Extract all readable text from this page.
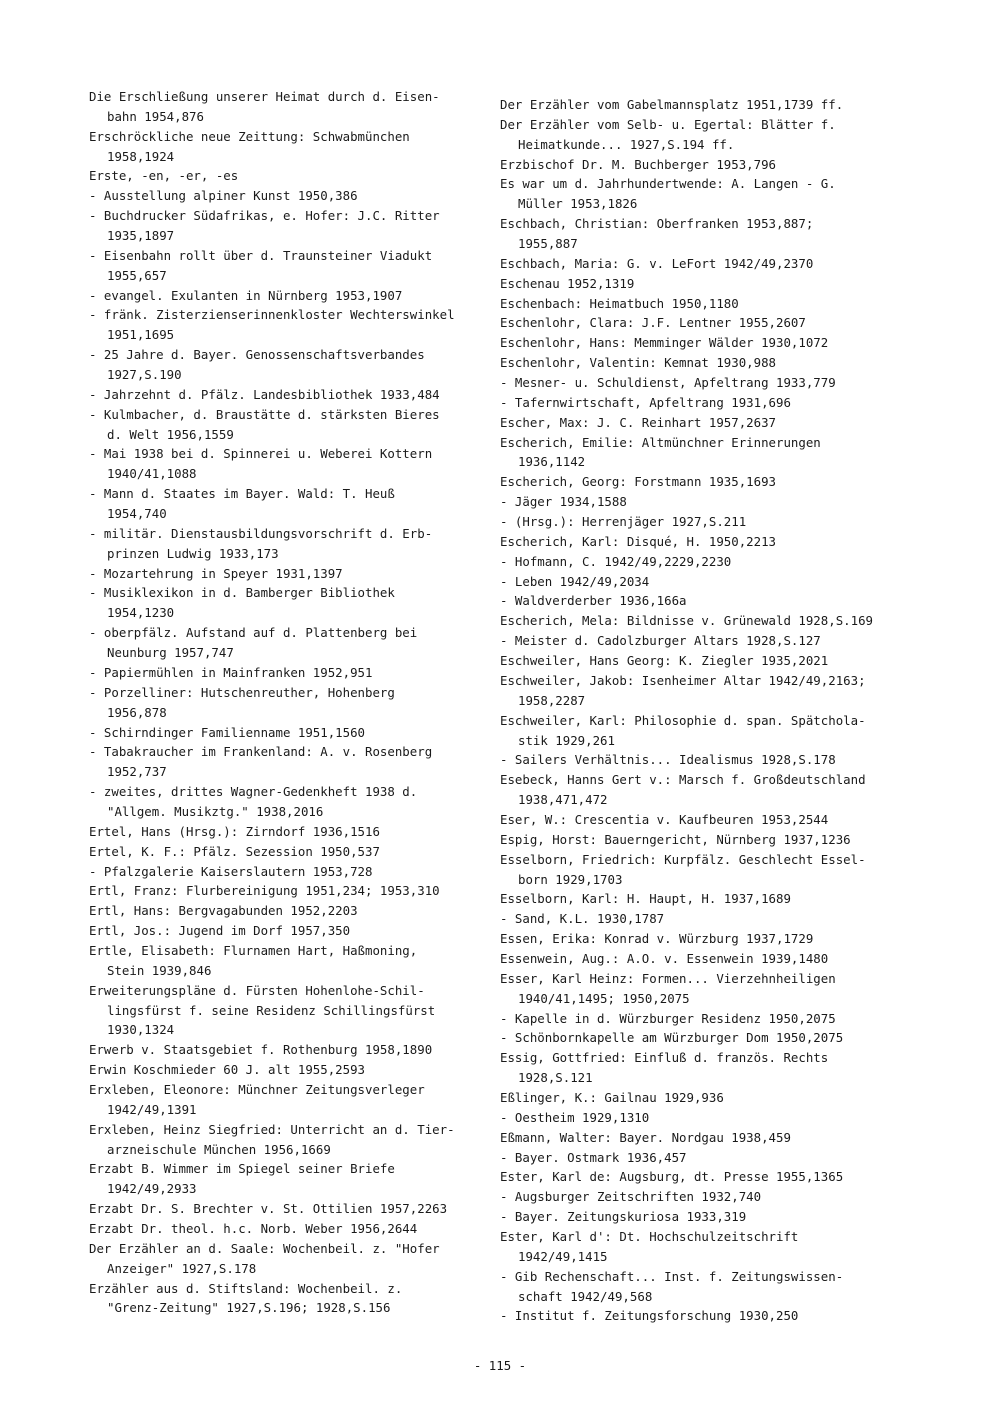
Die Erschließung unserer Heimat durch d. Eisen-
bahn 1954,876
Erschröckliche neue Zeittung: Schwabmünchen
1958,1924
Erste, -en, -er, -es
- Ausstellung alpiner Kunst 1950,386
- Buchdrucker Südafrikas, e. Hofer: J.C. Ritter
1935,1897
- Eisenbahn rollt über d. Traunsteiner Viadukt
1955,657
- evangel. Exulanten in Nürnberg 1953,1907
- fränk. Zisterzienserinnenkloster Wechterswinkel
1951,1695
- 25 Jahre d. Bayer. Genossenschaftsverbandes
1927,S.190
- Jahrzehnt d. Pfälz. Landesbibliothek 1933,484
- Kulmbacher, d. Braustätte d. stärksten Bieres
d. Welt 1956,1559
- Mai 1938 bei d. Spinnerei u. Weberei Kottern
1940/41,1088
- Mann d. Staates im Bayer. Wald: T. Heuß
1954,740
- militär. Dienstausbildungsvorschrift d. Erb-
prinzen Ludwig 1933,173
- Mozartehrung in Speyer 1931,1397
- Musiklexikon in d. Bamberger Bibliothek
1954,1230
- oberpfälz. Aufstand auf d. Plattenberg bei
Neunburg 1957,747
- Papiermühlen in Mainfranken 1952,951
- Porzelliner: Hutschenreuther, Hohenberg
1956,878
- Schirndinger Familienname 1951,1560
- Tabakraucher im Frankenland: A. v. Rosenberg
1952,737
- zweites, drittes Wagner-Gedenkheft 1938 d.
"Allgem. Musikztg." 1938,2016
Ertel, Hans (Hrsg.): Zirndorf 1936,1516
Ertel, K. F.: Pfälz. Sezession 1950,537
- Pfalzgalerie Kaiserslautern 1953,728
Ertl, Franz: Flurbereinigung 1951,234; 1953,310
Ertl, Hans: Bergvagabunden 1952,2203
Ertl, Jos.: Jugend im Dorf 1957,350
Ertle, Elisabeth: Flurnamen Hart, Haßmoning,
Stein 1939,846
Erweiterungspläne d. Fürsten Hohenlohe-Schil-
lingsfürst f. seine Residenz Schillingsfürst
1930,1324
Erwerb v. Staatsgebiet f. Rothenburg 1958,1890
Erwin Koschmieder 60 J. alt 1955,2593
Erxleben, Eleonore: Münchner Zeitungsverleger
1942/49,1391
Erxleben, Heinz Siegfried: Unterricht an d. Tier-
arzneischule München 1956,1669
Erzabt B. Wimmer im Spiegel seiner Briefe
1942/49,2933
Erzabt Dr. S. Brechter v. St. Ottilien 1957,2263
Erzabt Dr. theol. h.c. Norb. Weber 1956,2644
Der Erzähler an d. Saale: Wochenbeil. z. "Hofer
Anzeiger" 1927,S.178
Erzähler aus d. Stiftsland: Wochenbeil. z.
"Grenz-Zeitung" 1927,S.196; 1928,S.156
Der Erzähler vom Gabelmannsplatz 1951,1739 ff.
Der Erzähler vom Selb- u. Egertal: Blätter f.
Heimatkunde... 1927,S.194 ff.
Erzbischof Dr. M. Buchberger 1953,796
Es war um d. Jahrhundertwende: A. Langen - G.
Müller 1953,1826
Eschbach, Christian: Oberfranken 1953,887;
1955,887
Eschbach, Maria: G. v. LeFort 1942/49,2370
Eschenau 1952,1319
Eschenbach: Heimatbuch 1950,1180
Eschenlohr, Clara: J.F. Lentner 1955,2607
Eschenlohr, Hans: Memminger Wälder 1930,1072
Eschenlohr, Valentin: Kemnat 1930,988
- Mesner- u. Schuldienst, Apfeltrang 1933,779
- Tafernwirtschaft, Apfeltrang 1931,696
Escher, Max: J. C. Reinhart 1957,2637
Escherich, Emilie: Altmünchner Erinnerungen
1936,1142
Escherich, Georg: Forstmann 1935,1693
- Jäger 1934,1588
- (Hrsg.): Herrenjäger 1927,S.211
Escherich, Karl: Disqué, H. 1950,2213
- Hofmann, C. 1942/49,2229,2230
- Leben 1942/49,2034
- Waldverderber 1936,166a
Escherich, Mela: Bildnisse v. Grünewald 1928,S.169
- Meister d. Cadolzburger Altars 1928,S.127
Eschweiler, Hans Georg: K. Ziegler 1935,2021
Eschweiler, Jakob: Isenheimer Altar 1942/49,2163;
1958,2287
Eschweiler, Karl: Philosophie d. span. Spätchola-
stik 1929,261
- Sailers Verhältnis... Idealismus 1928,S.178
Esebeck, Hanns Gert v.: Marsch f. Großdeutschland
1938,471,472
Eser, W.: Crescentia v. Kaufbeuren 1953,2544
Espig, Horst: Bauerngericht, Nürnberg 1937,1236
Esselborn, Friedrich: Kurpfälz. Geschlecht Essel-
born 1929,1703
Esselborn, Karl: H. Haupt, H. 1937,1689
- Sand, K.L. 1930,1787
Essen, Erika: Konrad v. Würzburg 1937,1729
Essenwein, Aug.: A.O. v. Essenwein 1939,1480
Esser, Karl Heinz: Formen... Vierzehnheiligen
1940/41,1495; 1950,2075
- Kapelle in d. Würzburger Residenz 1950,2075
- Schönbornkapelle am Würzburger Dom 1950,2075
Essig, Gottfried: Einfluß d. französ. Rechts
1928,S.121
Eßlinger, K.: Gailnau 1929,936
- Oestheim 1929,1310
Eßmann, Walter: Bayer. Nordgau 1938,459
- Bayer. Ostmark 1936,457
Ester, Karl de: Augsburg, dt. Presse 1955,1365
- Augsburger Zeitschriften 1932,740
- Bayer. Zeitungskuriosa 1933,319
Ester, Karl d': Dt. Hochschulzeitschrift
1942/49,1415
- Gib Rechenschaft... Inst. f. Zeitungswissen-
schaft 1942/49,568
- Institut f. Zeitungsforschung 1930,250
- 115 -
